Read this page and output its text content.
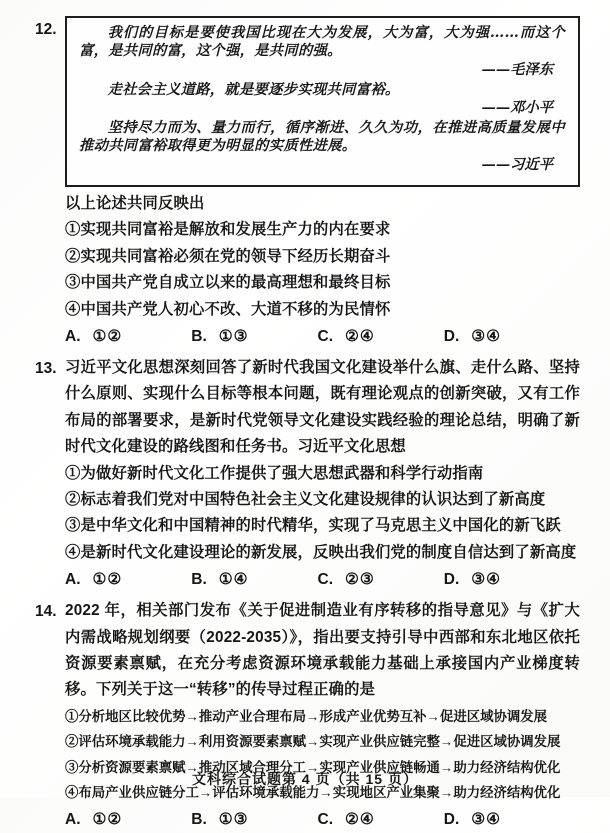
12.	我们的目标是要使我国比现在大为发展，大为富，大为强……而这个富，是共同的富，这个强，是共同的强。
——毛泽东
走社会主义道路，就是要逐步实现共同富裕。
——邓小平
坚持尽力而为、量力而行，循序渐进、久久为功，在推进高质量发展中推动共同富裕取得更为明显的实质性进展。
——习近平
以上论述共同反映出
①实现共同富裕是解放和发展生产力的内在要求
②实现共同富裕必须在党的领导下经历长期奋斗
③中国共产党自成立以来的最高理想和最终目标
④中国共产党人初心不改、大道不移的为民情怀
A. ①②	B. ①③	C. ②④	D. ③④
13. 习近平文化思想深刻回答了新时代我国文化建设举什么旗、走什么路、坚持什么原则、实现什么目标等根本问题，既有理论观点的创新突破，又有工作布局的部署要求，是新时代党领导文化建设实践经验的理论总结，明确了新时代文化建设的路线图和任务书。习近平文化思想
①为做好新时代文化工作提供了强大思想武器和科学行动指南
②标志着我们党对中国特色社会主义文化建设规律的认识达到了新高度
③是中华文化和中国精神的时代精华，实现了马克思主义中国化的新飞跃
④是新时代文化建设理论的新发展，反映出我们党的制度自信达到了新高度
A. ①②	B. ①④	C. ②③	D. ③④
14. 2022 年，相关部门发布《关于促进制造业有序转移的指导意见》与《扩大内需战略规划纲要（2022-2035）》，指出要支持引导中西部和东北地区依托资源要素禀赋，在充分考虑资源环境承载能力基础上承接国内产业梯度转移。下列关于这一“转移”的传导过程正确的是
①分析地区比较优势→推动产业合理布局→形成产业优势互补→促进区域协调发展
②评估环境承载能力→利用资源要素禀赋→实现产业供应链完整→促进区域协调发展
③分析资源要素禀赋→推动区域合理分工→实现产业供应链畅通→助力经济结构优化
④布局产业供应链分工→评估环境承载能力→实现地区产业集聚→助力经济结构优化
A. ①②	B. ①③	C. ②④	D. ③④
文科综合试题第 4 页（共 15 页）
